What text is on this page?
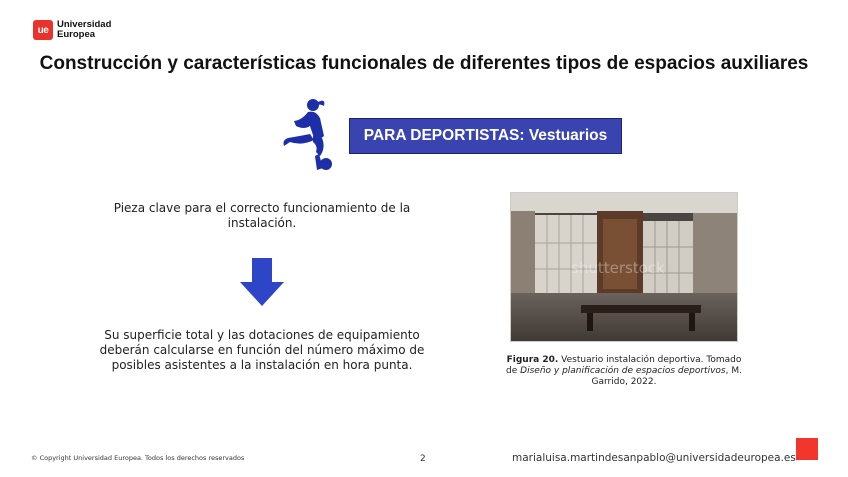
ue Universidad
Europea
Construcción y características funcionales de diferentes tipos de espacios auxiliares
PARA DEPORTISTAS: Vestuarios

Pieza clave para el correcto funcionamiento de la instalación.

Su superficie total y las dotaciones de equipamiento deberán calcularse en función del número máximo de posibles asistentes a la instalación en hora punta.

shutterstock

Figura 20. Vestuario instalación deportiva. Tomado de Diseño y planificación de espacios deportivos, M. Garrido, 2022.

© Copyright Universidad Europea. Todos los derechos reservados	2	marialuisa.martindesanpablo@universidadeuropea.es
